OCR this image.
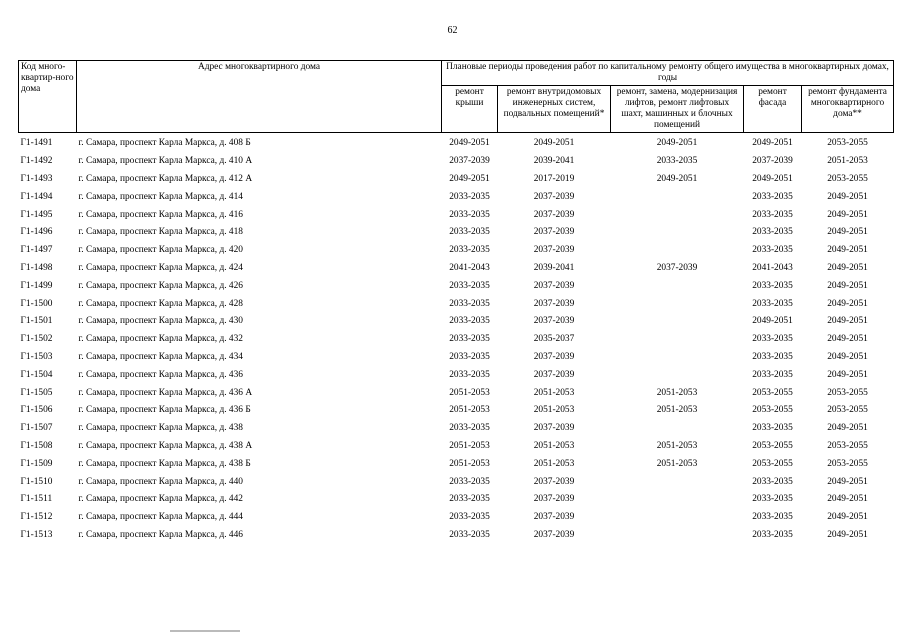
62
Код много-квартир-ного дома	Адрес многоквартирного дома	Плановые периоды проведения работ по капитальному ремонту общего имущества в многоквартирных домах, годы				
		ремонт крыши	ремонт внутридомовых инженерных систем, подвальных помещений*	ремонт, замена, модернизация лифтов, ремонт лифтовых шахт, машинных и блочных помещений	ремонт фасада	ремонт фундамента многоквартирного дома**
Г1-1491	г. Самара, проспект Карла Маркса, д. 408 Б	2049-2051	2049-2051	2049-2051	2049-2051	2053-2055
Г1-1492	г. Самара, проспект Карла Маркса, д. 410 А	2037-2039	2039-2041	2033-2035	2037-2039	2051-2053
Г1-1493	г. Самара, проспект Карла Маркса, д. 412 А	2049-2051	2017-2019	2049-2051	2049-2051	2053-2055
Г1-1494	г. Самара, проспект Карла Маркса, д. 414	2033-2035	2037-2039		2033-2035	2049-2051
Г1-1495	г. Самара, проспект Карла Маркса, д. 416	2033-2035	2037-2039		2033-2035	2049-2051
Г1-1496	г. Самара, проспект Карла Маркса, д. 418	2033-2035	2037-2039		2033-2035	2049-2051
Г1-1497	г. Самара, проспект Карла Маркса, д. 420	2033-2035	2037-2039		2033-2035	2049-2051
Г1-1498	г. Самара, проспект Карла Маркса, д. 424	2041-2043	2039-2041	2037-2039	2041-2043	2049-2051
Г1-1499	г. Самара, проспект Карла Маркса, д. 426	2033-2035	2037-2039		2033-2035	2049-2051
Г1-1500	г. Самара, проспект Карла Маркса, д. 428	2033-2035	2037-2039		2033-2035	2049-2051
Г1-1501	г. Самара, проспект Карла Маркса, д. 430	2033-2035	2037-2039		2049-2051	2049-2051
Г1-1502	г. Самара, проспект Карла Маркса, д. 432	2033-2035	2035-2037		2033-2035	2049-2051
Г1-1503	г. Самара, проспект Карла Маркса, д. 434	2033-2035	2037-2039		2033-2035	2049-2051
Г1-1504	г. Самара, проспект Карла Маркса, д. 436	2033-2035	2037-2039		2033-2035	2049-2051
Г1-1505	г. Самара, проспект Карла Маркса, д. 436 А	2051-2053	2051-2053	2051-2053	2053-2055	2053-2055
Г1-1506	г. Самара, проспект Карла Маркса, д. 436 Б	2051-2053	2051-2053	2051-2053	2053-2055	2053-2055
Г1-1507	г. Самара, проспект Карла Маркса, д. 438	2033-2035	2037-2039		2033-2035	2049-2051
Г1-1508	г. Самара, проспект Карла Маркса, д. 438 А	2051-2053	2051-2053	2051-2053	2053-2055	2053-2055
Г1-1509	г. Самара, проспект Карла Маркса, д. 438 Б	2051-2053	2051-2053	2051-2053	2053-2055	2053-2055
Г1-1510	г. Самара, проспект Карла Маркса, д. 440	2033-2035	2037-2039		2033-2035	2049-2051
Г1-1511	г. Самара, проспект Карла Маркса, д. 442	2033-2035	2037-2039		2033-2035	2049-2051
Г1-1512	г. Самара, проспект Карла Маркса, д. 444	2033-2035	2037-2039		2033-2035	2049-2051
Г1-1513	г. Самара, проспект Карла Маркса, д. 446	2033-2035	2037-2039		2033-2035	2049-2051
